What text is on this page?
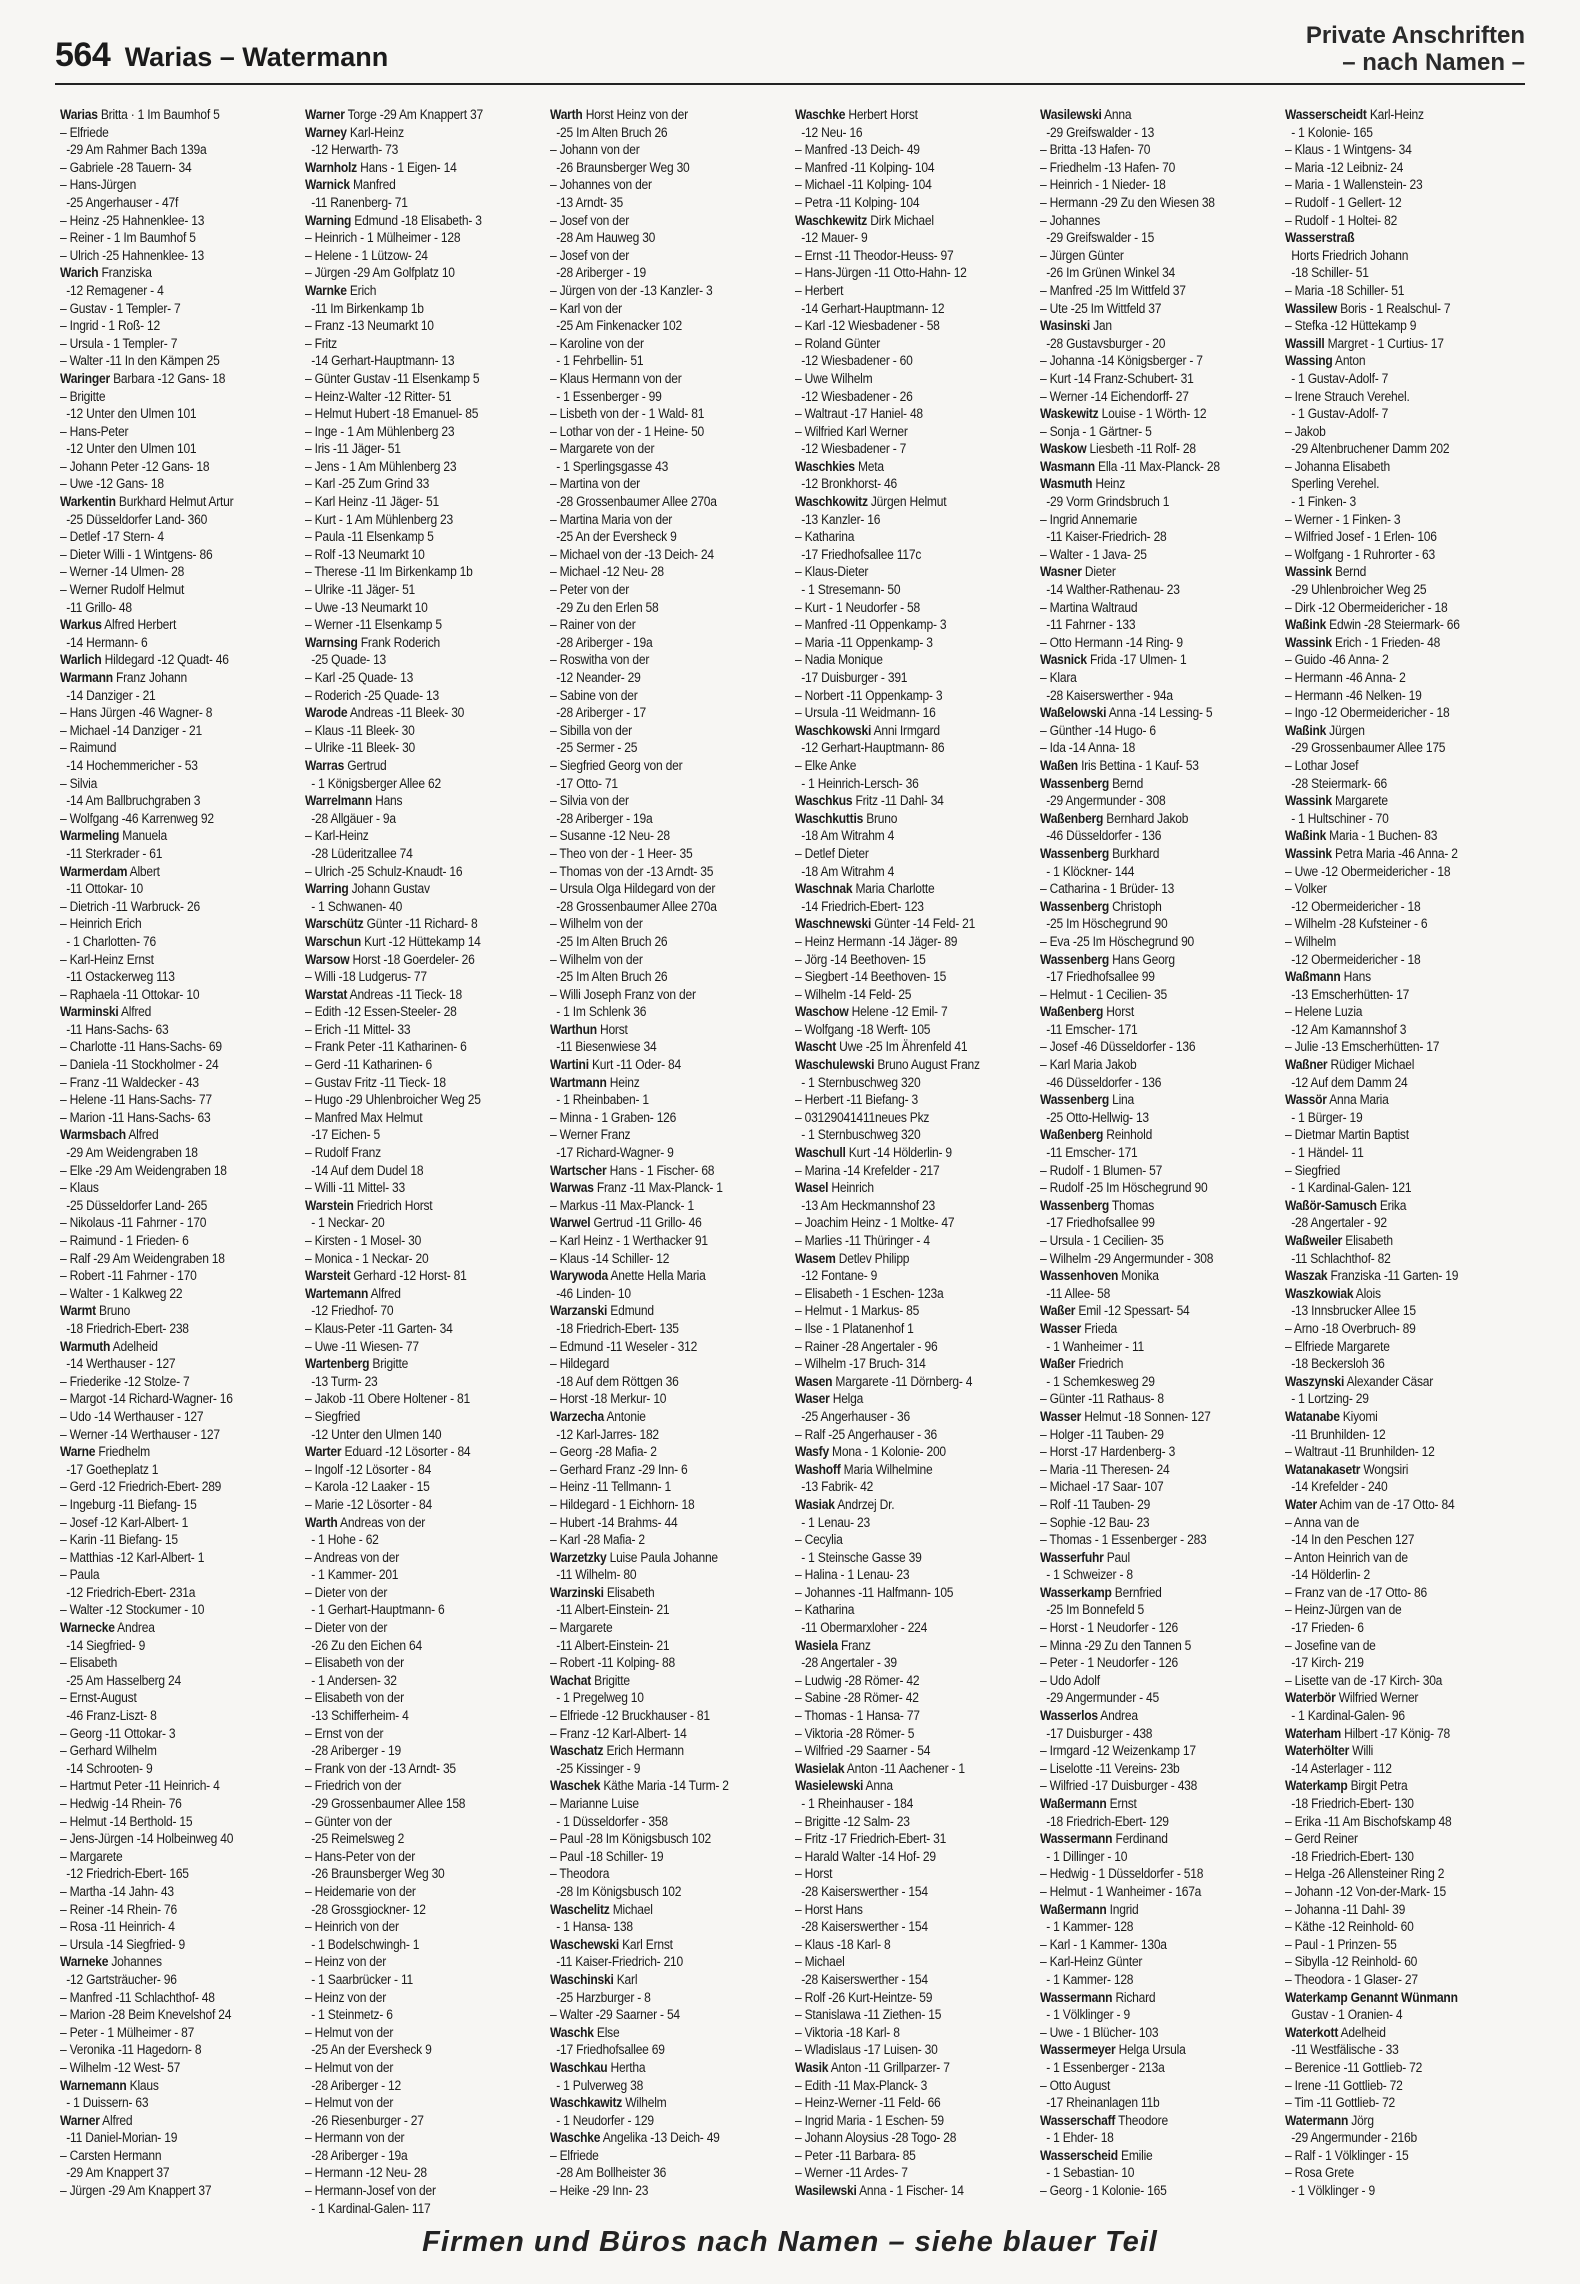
564 Warias – Watermann
Private Anschriften
– nach Namen –
Warias Britta · 1 Im Baumhof 5
– Elfriede
-29 Am Rahmer Bach 139a
– Gabriele -28 Tauern- 34
– Hans-Jürgen
-25 Angerhauser - 47f
– Heinz -25 Hahnenklee- 13
– Reiner - 1 Im Baumhof 5
– Ulrich -25 Hahnenklee- 13
Warich Franziska
-12 Remagener - 4
– Gustav - 1 Templer- 7
– Ingrid - 1 Roß- 12
– Ursula - 1 Templer- 7
– Walter -11 In den Kämpen 25
Waringer Barbara -12 Gans- 18
– Brigitte
-12 Unter den Ulmen 101
– Hans-Peter
-12 Unter den Ulmen 101
– Johann Peter -12 Gans- 18
– Uwe -12 Gans- 18
Warkentin Burkhard Helmut Artur
-25 Düsseldorfer Land- 360
– Detlef -17 Stern- 4
– Dieter Willi - 1 Wintgens- 86
– Werner -14 Ulmen- 28
– Werner Rudolf Helmut
-11 Grillo- 48
Warkus Alfred Herbert
-14 Hermann- 6
Warlich Hildegard -12 Quadt- 46
Warmann Franz Johann
-14 Danziger - 21
– Hans Jürgen -46 Wagner- 8
– Michael -14 Danziger - 21
– Raimund
-14 Hochemmericher - 53
– Silvia
-14 Am Ballbruchgraben 3
– Wolfgang -46 Karrenweg 92
Warmeling Manuela
-11 Sterkrader - 61
Warmerdam Albert
-11 Ottokar- 10
– Dietrich -11 Warbruck- 26
– Heinrich Erich
- 1 Charlotten- 76
– Karl-Heinz Ernst
-11 Ostackerweg 113
– Raphaela -11 Ottokar- 10
Warminski Alfred
-11 Hans-Sachs- 63
– Charlotte -11 Hans-Sachs- 69
– Daniela -11 Stockholmer - 24
– Franz -11 Waldecker - 43
– Helene -11 Hans-Sachs- 77
– Marion -11 Hans-Sachs- 63
Warmsbach Alfred
-29 Am Weidengraben 18
– Elke -29 Am Weidengraben 18
– Klaus
-25 Düsseldorfer Land- 265
– Nikolaus -11 Fahrner - 170
– Raimund - 1 Frieden- 6
– Ralf -29 Am Weidengraben 18
– Robert -11 Fahrner - 170
– Walter - 1 Kalkweg 22
Warmt Bruno
-18 Friedrich-Ebert- 238
Warmuth Adelheid
-14 Werthauser - 127
– Friederike -12 Stolze- 7
– Margot -14 Richard-Wagner- 16
– Udo -14 Werthauser - 127
– Werner -14 Werthauser - 127
Warne Friedhelm
-17 Goetheplatz 1
– Gerd -12 Friedrich-Ebert- 289
– Ingeburg -11 Biefang- 15
– Josef -12 Karl-Albert- 1
– Karin -11 Biefang- 15
– Matthias -12 Karl-Albert- 1
– Paula
-12 Friedrich-Ebert- 231a
– Walter -12 Stockumer - 10
Warnecke Andrea
-14 Siegfried- 9
– Elisabeth
-25 Am Hasselberg 24
– Ernst-August
-46 Franz-Liszt- 8
– Georg -11 Ottokar- 3
– Gerhard Wilhelm
-14 Schrooten- 9
– Hartmut Peter -11 Heinrich- 4
– Hedwig -14 Rhein- 76
– Helmut -14 Berthold- 15
– Jens-Jürgen -14 Holbeinweg 40
– Margarete
-12 Friedrich-Ebert- 165
– Martha -14 Jahn- 43
– Reiner -14 Rhein- 76
– Rosa -11 Heinrich- 4
– Ursula -14 Siegfried- 9
Warneke Johannes
-12 Gartsträucher- 96
– Manfred -11 Schlachthof- 48
– Marion -28 Beim Knevelshof 24
– Peter - 1 Mülheimer - 87
– Veronika -11 Hagedorn- 8
– Wilhelm -12 West- 57
Warnemann Klaus
- 1 Duissern- 63
Warner Alfred
-11 Daniel-Morian- 19
– Carsten Hermann
-29 Am Knappert 37
– Jürgen -29 Am Knappert 37
Warner Torge -29 Am Knappert 37
Warney Karl-Heinz
-12 Herwarth- 73
Warnholz Hans - 1 Eigen- 14
Warnick Manfred
-11 Ranenberg- 71
Warning Edmund -18 Elisabeth- 3
– Heinrich - 1 Mülheimer - 128
– Helene - 1 Lützow- 24
– Jürgen -29 Am Golfplatz 10
Warnke Erich
-11 Im Birkenkamp 1b
– Franz -13 Neumarkt 10
– Fritz
-14 Gerhart-Hauptmann- 13
– Günter Gustav -11 Elsenkamp 5
– Heinz-Walter -12 Ritter- 51
– Helmut Hubert -18 Emanuel- 85
– Inge - 1 Am Mühlenberg 23
– Iris -11 Jäger- 51
– Jens - 1 Am Mühlenberg 23
– Karl -25 Zum Grind 33
– Karl Heinz -11 Jäger- 51
– Kurt - 1 Am Mühlenberg 23
– Paula -11 Elsenkamp 5
– Rolf -13 Neumarkt 10
– Therese -11 Im Birkenkamp 1b
– Ulrike -11 Jäger- 51
– Uwe -13 Neumarkt 10
– Werner -11 Elsenkamp 5
Warnsing Frank Roderich
-25 Quade- 13
– Karl -25 Quade- 13
– Roderich -25 Quade- 13
Warode Andreas -11 Bleek- 30
– Klaus -11 Bleek- 30
– Ulrike -11 Bleek- 30
Warras Gertrud
- 1 Königsberger Allee 62
Warrelmann Hans
-28 Allgäuer - 9a
– Karl-Heinz
-28 Lüderitzallee 74
– Ulrich -25 Schulz-Knaudt- 16
Warring Johann Gustav
- 1 Schwanen- 40
Warschütz Günter -11 Richard- 8
Warschun Kurt -12 Hüttekamp 14
Warsow Horst -18 Goerdeler- 26
– Willi -18 Ludgerus- 77
Warstat Andreas -11 Tieck- 18
– Edith -12 Essen-Steeler- 28
– Erich -11 Mittel- 33
– Frank Peter -11 Katharinen- 6
– Gerd -11 Katharinen- 6
– Gustav Fritz -11 Tieck- 18
– Hugo -29 Uhlenbroicher Weg 25
– Manfred Max Helmut
-17 Eichen- 5
– Rudolf Franz
-14 Auf dem Dudel 18
– Willi -11 Mittel- 33
Warstein Friedrich Horst
- 1 Neckar- 20
– Kirsten - 1 Mosel- 30
– Monica - 1 Neckar- 20
Warsteit Gerhard -12 Horst- 81
Wartemann Alfred
-12 Friedhof- 70
– Klaus-Peter -11 Garten- 34
– Uwe -11 Wiesen- 77
Wartenberg Brigitte
-13 Turm- 23
– Jakob -11 Obere Holtener - 81
– Siegfried
-12 Unter den Ulmen 140
Warter Eduard -12 Lösorter - 84
– Ingolf -12 Lösorter - 84
– Karola -12 Laaker - 15
– Marie -12 Lösorter - 84
Warth Andreas von der
- 1 Hohe - 62
– Andreas von der
- 1 Kammer- 201
– Dieter von der
- 1 Gerhart-Hauptmann- 6
– Dieter von der
-26 Zu den Eichen 64
– Elisabeth von der
- 1 Andersen- 32
– Elisabeth von der
-13 Schifferheim- 4
– Ernst von der
-28 Ariberger - 19
– Frank von der -13 Arndt- 35
– Friedrich von der
-29 Grossenbaumer Allee 158
– Günter von der
-25 Reimelsweg 2
– Hans-Peter von der
-26 Braunsberger Weg 30
– Heidemarie von der
-28 Grossgiockner- 12
– Heinrich von der
- 1 Bodelschwingh- 1
– Heinz von der
- 1 Saarbrücker - 11
– Heinz von der
- 1 Steinmetz- 6
– Helmut von der
-25 An der Eversheck 9
– Helmut von der
-28 Ariberger - 12
– Helmut von der
-26 Riesenburger - 27
– Hermann von der
-28 Ariberger - 19a
– Hermann -12 Neu- 28
– Hermann-Josef von der
- 1 Kardinal-Galen- 117
Warth Horst Heinz von der
-25 Im Alten Bruch 26
– Johann von der
-26 Braunsberger Weg 30
– Johannes von der
-13 Arndt- 35
– Josef von der
-28 Am Hauweg 30
– Josef von der
-28 Ariberger - 19
– Jürgen von der -13 Kanzler- 3
– Karl von der
-25 Am Finkenacker 102
– Karoline von der
- 1 Fehrbellin- 51
– Klaus Hermann von der
- 1 Essenberger - 99
– Lisbeth von der - 1 Wald- 81
– Lothar von der - 1 Heine- 50
– Margarete von der
- 1 Sperlingsgasse 43
– Martina von der
-28 Grossenbaumer Allee 270a
– Martina Maria von der
-25 An der Eversheck 9
– Michael von der -13 Deich- 24
– Michael -12 Neu- 28
– Peter von der
-29 Zu den Erlen 58
– Rainer von der
-28 Ariberger - 19a
– Roswitha von der
-12 Neander- 29
– Sabine von der
-28 Ariberger - 17
– Sibilla von der
-25 Sermer - 25
– Siegfried Georg von der
-17 Otto- 71
– Silvia von der
-28 Ariberger - 19a
– Susanne -12 Neu- 28
– Theo von der - 1 Heer- 35
– Thomas von der -13 Arndt- 35
– Ursula Olga Hildegard von der
-28 Grossenbaumer Allee 270a
– Wilhelm von der
-25 Im Alten Bruch 26
– Wilhelm von der
-25 Im Alten Bruch 26
– Willi Joseph Franz von der
- 1 Im Schlenk 36
Warthun Horst
-11 Biesenwiese 34
Wartini Kurt -11 Oder- 84
Wartmann Heinz
- 1 Rheinbaben- 1
– Minna - 1 Graben- 126
– Werner Franz
-17 Richard-Wagner- 9
Wartscher Hans - 1 Fischer- 68
Warwas Franz -11 Max-Planck- 1
– Markus -11 Max-Planck- 1
Warwel Gertrud -11 Grillo- 46
– Karl Heinz - 1 Werthacker 91
– Klaus -14 Schiller- 12
Warywoda Anette Hella Maria
-46 Linden- 10
Warzanski Edmund
-18 Friedrich-Ebert- 135
– Edmund -11 Weseler - 312
– Hildegard
-18 Auf dem Röttgen 36
– Horst -18 Merkur- 10
Warzecha Antonie
-12 Karl-Jarres- 182
– Georg -28 Mafia- 2
– Gerhard Franz -29 Inn- 6
– Heinz -11 Tellmann- 1
– Hildegard - 1 Eichhorn- 18
– Hubert -14 Brahms- 44
– Karl -28 Mafia- 2
Warzetzky Luise Paula Johanne
-11 Wilhelm- 80
Warzinski Elisabeth
-11 Albert-Einstein- 21
– Margarete
-11 Albert-Einstein- 21
– Robert -11 Kolping- 88
Wachat Brigitte
- 1 Pregelweg 10
– Elfriede -12 Bruckhauser - 81
– Franz -12 Karl-Albert- 14
Waschatz Erich Hermann
-25 Kissinger - 9
Waschek Käthe Maria -14 Turm- 2
– Marianne Luise
- 1 Düsseldorfer - 358
– Paul -28 Im Königsbusch 102
– Paul -18 Schiller- 19
– Theodora
-28 Im Königsbusch 102
Waschelitz Michael
- 1 Hansa- 138
Waschewski Karl Ernst
-11 Kaiser-Friedrich- 210
Waschinski Karl
-25 Harzburger - 8
– Walter -29 Saarner - 54
Waschk Else
-17 Friedhofsallee 69
Waschkau Hertha
- 1 Pulverweg 38
Waschkawitz Wilhelm
- 1 Neudorfer - 129
Waschke Angelika -13 Deich- 49
– Elfriede
-28 Am Bollheister 36
– Heike -29 Inn- 23
Waschke Herbert Horst
-12 Neu- 16
– Manfred -13 Deich- 49
– Manfred -11 Kolping- 104
– Michael -11 Kolping- 104
– Petra -11 Kolping- 104
Waschkewitz Dirk Michael
-12 Mauer- 9
– Ernst -11 Theodor-Heuss- 97
– Hans-Jürgen -11 Otto-Hahn- 12
– Herbert
-14 Gerhart-Hauptmann- 12
– Karl -12 Wiesbadener - 58
– Roland Günter
-12 Wiesbadener - 60
– Uwe Wilhelm
-12 Wiesbadener - 26
– Waltraut -17 Haniel- 48
– Wilfried Karl Werner
-12 Wiesbadener - 7
Waschkies Meta
-12 Bronkhorst- 46
Waschkowitz Jürgen Helmut
-13 Kanzler- 16
– Katharina
-17 Friedhofsallee 117c
– Klaus-Dieter
- 1 Stresemann- 50
– Kurt - 1 Neudorfer - 58
– Manfred -11 Oppenkamp- 3
– Maria -11 Oppenkamp- 3
– Nadia Monique
-17 Duisburger - 391
– Norbert -11 Oppenkamp- 3
– Ursula -11 Weidmann- 16
Waschkowski Anni Irmgard
-12 Gerhart-Hauptmann- 86
– Elke Anke
- 1 Heinrich-Lersch- 36
Waschkus Fritz -11 Dahl- 34
Waschkuttis Bruno
-18 Am Witrahm 4
– Detlef Dieter
-18 Am Witrahm 4
Waschnak Maria Charlotte
-14 Friedrich-Ebert- 123
Waschnewski Günter -14 Feld- 21
– Heinz Hermann -14 Jäger- 89
– Jörg -14 Beethoven- 15
– Siegbert -14 Beethoven- 15
– Wilhelm -14 Feld- 25
Waschow Helene -12 Emil- 7
– Wolfgang -18 Werft- 105
Wascht Uwe -25 Im Ährenfeld 41
Waschulewski Bruno August Franz
- 1 Sternbuschweg 320
– Herbert -11 Biefang- 3
– 03129041411neues Pkz
- 1 Sternbuschweg 320
Waschull Kurt -14 Hölderlin- 9
– Marina -14 Krefelder - 217
Wasel Heinrich
-13 Am Heckmannshof 23
– Joachim Heinz - 1 Moltke- 47
– Marlies -11 Thüringer - 4
Wasem Detlev Philipp
-12 Fontane- 9
– Elisabeth - 1 Eschen- 123a
– Helmut - 1 Markus- 85
– Ilse - 1 Platanenhof 1
– Rainer -28 Angertaler - 96
– Wilhelm -17 Bruch- 314
Wasen Margarete -11 Dörnberg- 4
Waser Helga
-25 Angerhauser - 36
– Ralf -25 Angerhauser - 36
Wasfy Mona - 1 Kolonie- 200
Washoff Maria Wilhelmine
-13 Fabrik- 42
Wasiak Andrzej Dr.
- 1 Lenau- 23
– Cecylia
- 1 Steinsche Gasse 39
– Halina - 1 Lenau- 23
– Johannes -11 Halfmann- 105
– Katharina
-11 Obermarxloher - 224
Wasiela Franz
-28 Angertaler - 39
– Ludwig -28 Römer- 42
– Sabine -28 Römer- 42
– Thomas - 1 Hansa- 77
– Viktoria -28 Römer- 5
– Wilfried -29 Saarner - 54
Wasielak Anton -11 Aachener - 1
Wasielewski Anna
- 1 Rheinhauser - 184
– Brigitte -12 Salm- 23
– Fritz -17 Friedrich-Ebert- 31
– Harald Walter -14 Hof- 29
– Horst
-28 Kaiserswerther - 154
– Horst Hans
-28 Kaiserswerther - 154
– Klaus -18 Karl- 8
– Michael
-28 Kaiserswerther - 154
– Rolf -26 Kurt-Heintze- 59
– Stanislawa -11 Ziethen- 15
– Viktoria -18 Karl- 8
– Wladislaus -17 Luisen- 30
Wasik Anton -11 Grillparzer- 7
– Edith -11 Max-Planck- 3
– Heinz-Werner -11 Feld- 66
– Ingrid Maria - 1 Eschen- 59
– Johann Aloysius -28 Togo- 28
– Peter -11 Barbara- 85
– Werner -11 Ardes- 7
Wasilewski Anna - 1 Fischer- 14
Wasilewski Anna
-29 Greifswalder - 13
– Britta -13 Hafen- 70
– Friedhelm -13 Hafen- 70
– Heinrich - 1 Nieder- 18
– Hermann -29 Zu den Wiesen 38
– Johannes
-29 Greifswalder - 15
– Jürgen Günter
-26 Im Grünen Winkel 34
– Manfred -25 Im Wittfeld 37
– Ute -25 Im Wittfeld 37
Wasinski Jan
-28 Gustavsburger - 20
– Johanna -14 Königsberger - 7
– Kurt -14 Franz-Schubert- 31
– Werner -14 Eichendorff- 27
Waskewitz Louise - 1 Wörth- 12
– Sonja - 1 Gärtner- 5
Waskow Liesbeth -11 Rolf- 28
Wasmann Ella -11 Max-Planck- 28
Wasmuth Heinz
-29 Vorm Grindsbruch 1
– Ingrid Annemarie
-11 Kaiser-Friedrich- 28
– Walter - 1 Java- 25
Wasner Dieter
-14 Walther-Rathenau- 23
– Martina Waltraud
-11 Fahrner - 133
– Otto Hermann -14 Ring- 9
Wasnick Frida -17 Ulmen- 1
– Klara
-28 Kaiserswerther - 94a
Waßelowski Anna -14 Lessing- 5
– Günther -14 Hugo- 6
– Ida -14 Anna- 18
Waßen Iris Bettina - 1 Kauf- 53
Wassenberg Bernd
-29 Angermunder - 308
Waßenberg Bernhard Jakob
-46 Düsseldorfer - 136
Wassenberg Burkhard
- 1 Klöckner- 144
– Catharina - 1 Brüder- 13
Wassenberg Christoph
-25 Im Höschegrund 90
– Eva -25 Im Höschegrund 90
Wassenberg Hans Georg
-17 Friedhofsallee 99
– Helmut - 1 Cecilien- 35
Waßenberg Horst
-11 Emscher- 171
– Josef -46 Düsseldorfer - 136
– Karl Maria Jakob
-46 Düsseldorfer - 136
Wassenberg Lina
-25 Otto-Hellwig- 13
Waßenberg Reinhold
-11 Emscher- 171
– Rudolf - 1 Blumen- 57
– Rudolf -25 Im Höschegrund 90
Wassenberg Thomas
-17 Friedhofsallee 99
– Ursula - 1 Cecilien- 35
– Wilhelm -29 Angermunder - 308
Wassenhoven Monika
-11 Allee- 58
Waßer Emil -12 Spessart- 54
Wasser Frieda
- 1 Wanheimer - 11
Waßer Friedrich
- 1 Schemkesweg 29
– Günter -11 Rathaus- 8
Wasser Helmut -18 Sonnen- 127
– Holger -11 Tauben- 29
– Horst -17 Hardenberg- 3
– Maria -11 Theresen- 24
– Michael -17 Saar- 107
– Rolf -11 Tauben- 29
– Sophie -12 Bau- 23
– Thomas - 1 Essenberger - 283
Wasserfuhr Paul
- 1 Schweizer - 8
Wasserkamp Bernfried
-25 Im Bonnefeld 5
– Horst - 1 Neudorfer - 126
– Minna -29 Zu den Tannen 5
– Peter - 1 Neudorfer - 126
– Udo Adolf
-29 Angermunder - 45
Wasserlos Andrea
-17 Duisburger - 438
– Irmgard -12 Weizenkamp 17
– Liselotte -11 Vereins- 23b
– Wilfried -17 Duisburger - 438
Waßermann Ernst
-18 Friedrich-Ebert- 129
Wassermann Ferdinand
- 1 Dillinger - 10
– Hedwig - 1 Düsseldorfer - 518
– Helmut - 1 Wanheimer - 167a
Waßermann Ingrid
- 1 Kammer- 128
– Karl - 1 Kammer- 130a
– Karl-Heinz Günter
- 1 Kammer- 128
Wassermann Richard
- 1 Völklinger - 9
– Uwe - 1 Blücher- 103
Wassermeyer Helga Ursula
- 1 Essenberger - 213a
– Otto August
-17 Rheinanlagen 11b
Wasserschaff Theodore
- 1 Ehder- 18
Wasserscheid Emilie
- 1 Sebastian- 10
– Georg - 1 Kolonie- 165
Wasserscheidt Karl-Heinz
- 1 Kolonie- 165
– Klaus - 1 Wintgens- 34
– Maria -12 Leibniz- 24
– Maria - 1 Wallenstein- 23
– Rudolf - 1 Gellert- 12
– Rudolf - 1 Holtei- 82
Wasserstraß
Horts Friedrich Johann
-18 Schiller- 51
– Maria -18 Schiller- 51
Wassilew Boris - 1 Realschul- 7
– Stefka -12 Hüttekamp 9
Wassill Margret - 1 Curtius- 17
Wassing Anton
- 1 Gustav-Adolf- 7
– Irene Strauch Verehel.
- 1 Gustav-Adolf- 7
– Jakob
-29 Altenbruchener Damm 202
– Johanna Elisabeth
Sperling Verehel.
- 1 Finken- 3
– Werner - 1 Finken- 3
– Wilfried Josef - 1 Erlen- 106
– Wolfgang - 1 Ruhrorter - 63
Wassink Bernd
-29 Uhlenbroicher Weg 25
– Dirk -12 Obermeidericher - 18
Waßink Edwin -28 Steiermark- 66
Wassink Erich - 1 Frieden- 48
– Guido -46 Anna- 2
– Hermann -46 Anna- 2
– Hermann -46 Nelken- 19
– Ingo -12 Obermeidericher - 18
Waßink Jürgen
-29 Grossenbaumer Allee 175
– Lothar Josef
-28 Steiermark- 66
Wassink Margarete
- 1 Hultschiner - 70
Waßink Maria - 1 Buchen- 83
Wassink Petra Maria -46 Anna- 2
– Uwe -12 Obermeidericher - 18
– Volker
-12 Obermeidericher - 18
– Wilhelm -28 Kufsteiner - 6
– Wilhelm
-12 Obermeidericher - 18
Waßmann Hans
-13 Emscherhütten- 17
– Helene Luzia
-12 Am Kamannshof 3
– Julie -13 Emscherhütten- 17
Waßner Rüdiger Michael
-12 Auf dem Damm 24
Wassör Anna Maria
- 1 Bürger- 19
– Dietmar Martin Baptist
- 1 Händel- 11
– Siegfried
- 1 Kardinal-Galen- 121
Waßör-Samusch Erika
-28 Angertaler - 92
Waßweiler Elisabeth
-11 Schlachthof- 82
Waszak Franziska -11 Garten- 19
Waszkowiak Alois
-13 Innsbrucker Allee 15
– Arno -18 Overbruch- 89
– Elfriede Margarete
-18 Beckersloh 36
Waszynski Alexander Cäsar
- 1 Lortzing- 29
Watanabe Kiyomi
-11 Brunhilden- 12
– Waltraut -11 Brunhilden- 12
Watanakasetr Wongsiri
-14 Krefelder - 240
Water Achim van de -17 Otto- 84
– Anna van de
-14 In den Peschen 127
– Anton Heinrich van de
-14 Hölderlin- 2
– Franz van de -17 Otto- 86
– Heinz-Jürgen van de
-17 Frieden- 6
– Josefine van de
-17 Kirch- 219
– Lisette van de -17 Kirch- 30a
Waterbör Wilfried Werner
- 1 Kardinal-Galen- 96
Waterham Hilbert -17 König- 78
Waterhölter Willi
-14 Asterlager - 112
Waterkamp Birgit Petra
-18 Friedrich-Ebert- 130
– Erika -11 Am Bischofskamp 48
– Gerd Reiner
-18 Friedrich-Ebert- 130
– Helga -26 Allensteiner Ring 2
– Johann -12 Von-der-Mark- 15
– Johanna -11 Dahl- 39
– Käthe -12 Reinhold- 60
– Paul - 1 Prinzen- 55
– Sibylla -12 Reinhold- 60
– Theodora - 1 Glaser- 27
Waterkamp Genannt Wünmann
Gustav - 1 Oranien- 4
Waterkott Adelheid
-11 Westfälische - 33
– Berenice -11 Gottlieb- 72
– Irene -11 Gottlieb- 72
– Tim -11 Gottlieb- 72
Watermann Jörg
-29 Angermunder - 216b
– Ralf - 1 Völklinger - 15
– Rosa Grete
- 1 Völklinger - 9
Firmen und Büros nach Namen – siehe blauer Teil
